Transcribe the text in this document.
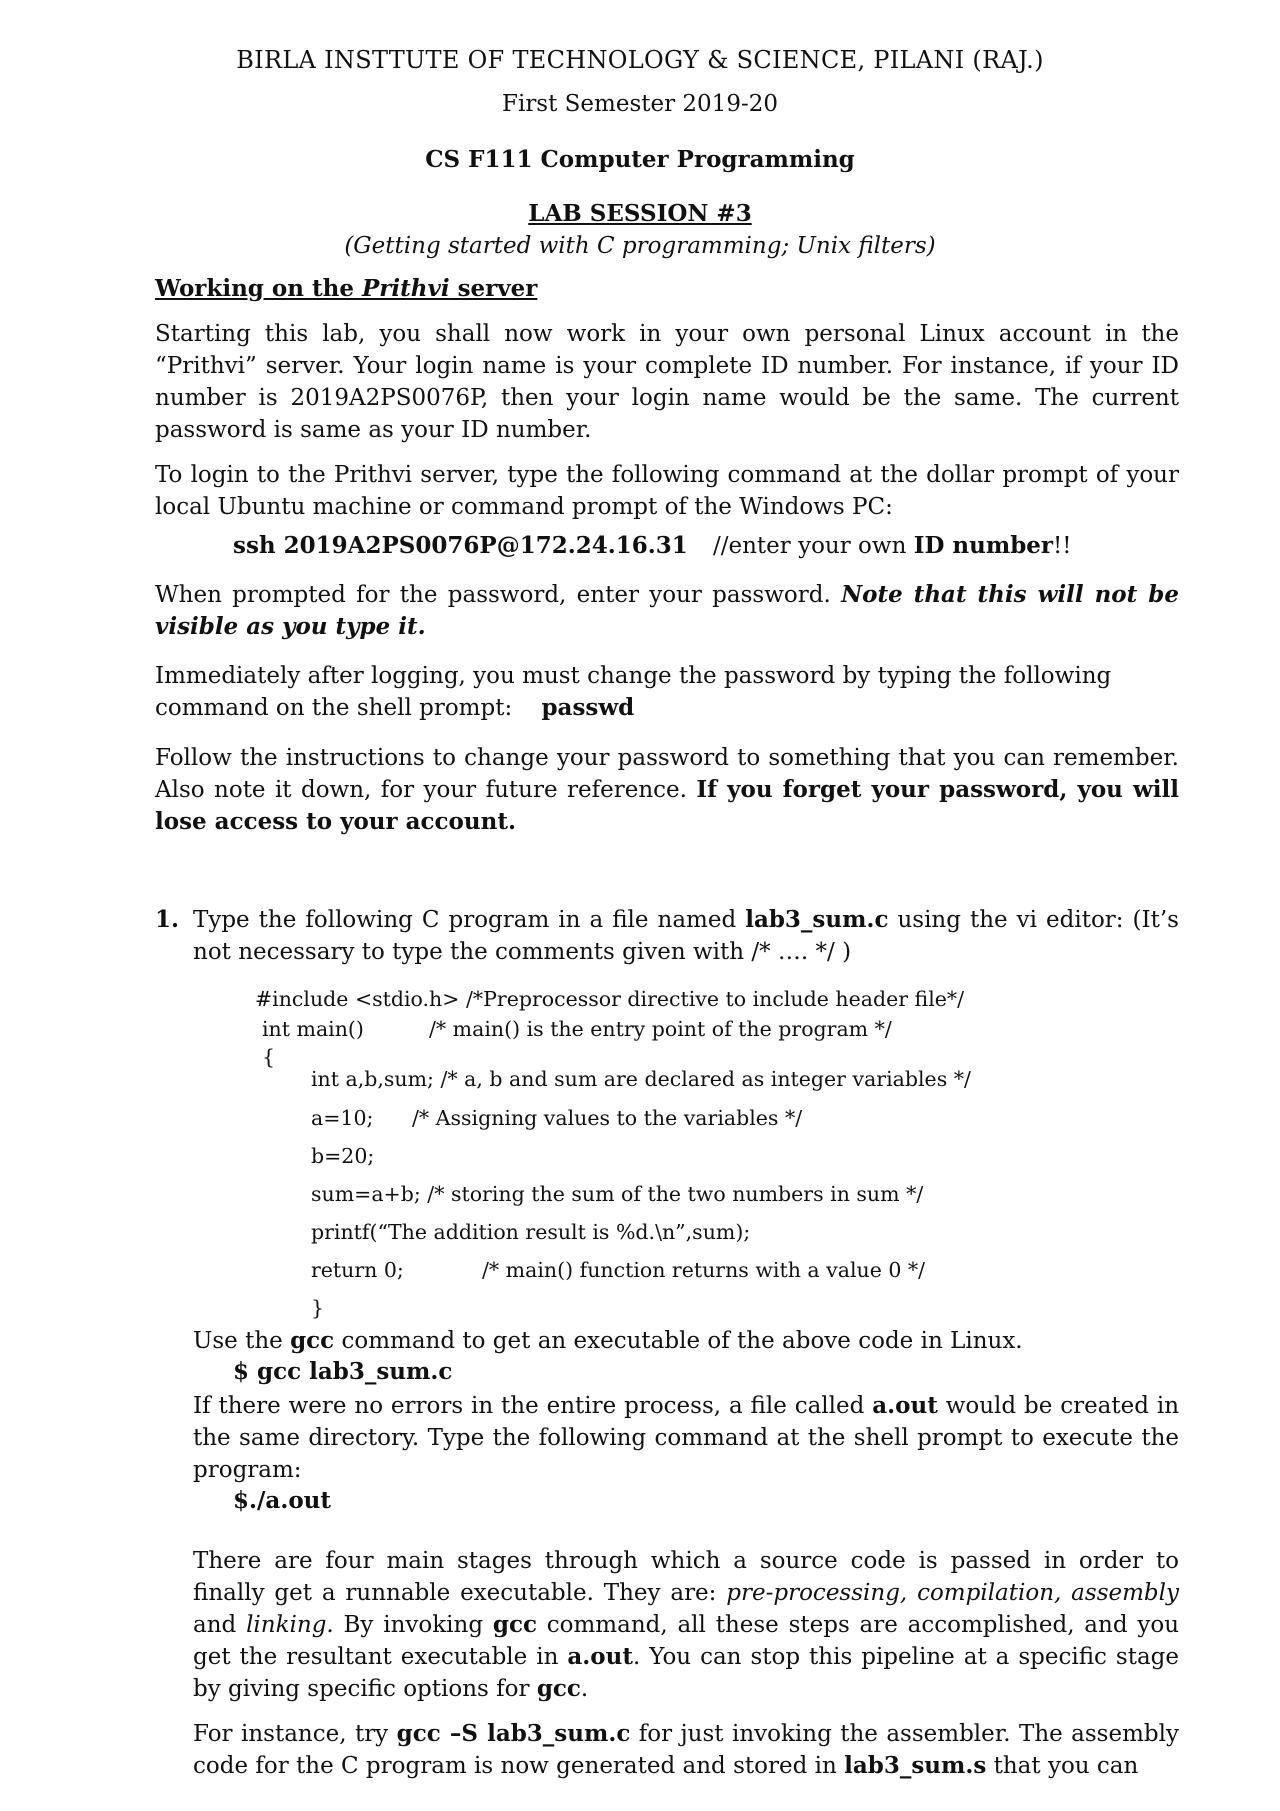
BIRLA INSTTUTE OF TECHNOLOGY & SCIENCE, PILANI (RAJ.)
First Semester 2019-20
CS F111 Computer Programming
LAB SESSION #3
(Getting started with C programming; Unix filters)
Working on the Prithvi server
Starting this lab, you shall now work in your own personal Linux account in the “Prithvi” server. Your login name is your complete ID number. For instance, if your ID number is 2019A2PS0076P, then your login name would be the same. The current password is same as your ID number.
To login to the Prithvi server, type the following command at the dollar prompt of your local Ubuntu machine or command prompt of the Windows PC:
ssh 2019A2PS0076P@172.24.16.31 //enter your own ID number!!
When prompted for the password, enter your password. Note that this will not be visible as you type it.
Immediately after logging, you must change the password by typing the following command on the shell prompt: passwd
Follow the instructions to change your password to something that you can remember. Also note it down, for your future reference. If you forget your password, you will lose access to your account.
1. Type the following C program in a file named lab3_sum.c using the vi editor: (It’s not necessary to type the comments given with /* …. */ )
#include <stdio.h> /*Preprocessor directive to include header file*/
int main()	/* main() is the entry point of the program */
{
int a,b,sum; /* a, b and sum are declared as integer variables */
a=10; /* Assigning values to the variables */
b=20;
sum=a+b; /* storing the sum of the two numbers in sum */
printf(“The addition result is %d.\n”,sum);
return 0;	/* main() function returns with a value 0 */
}
Use the gcc command to get an executable of the above code in Linux.
$ gcc lab3_sum.c
If there were no errors in the entire process, a file called a.out would be created in the same directory. Type the following command at the shell prompt to execute the program:
$./a.out
There are four main stages through which a source code is passed in order to finally get a runnable executable. They are: pre-processing, compilation, assembly and linking. By invoking gcc command, all these steps are accomplished, and you get the resultant executable in a.out. You can stop this pipeline at a specific stage by giving specific options for gcc.
For instance, try gcc –S lab3_sum.c for just invoking the assembler. The assembly code for the C program is now generated and stored in lab3_sum.s that you can
